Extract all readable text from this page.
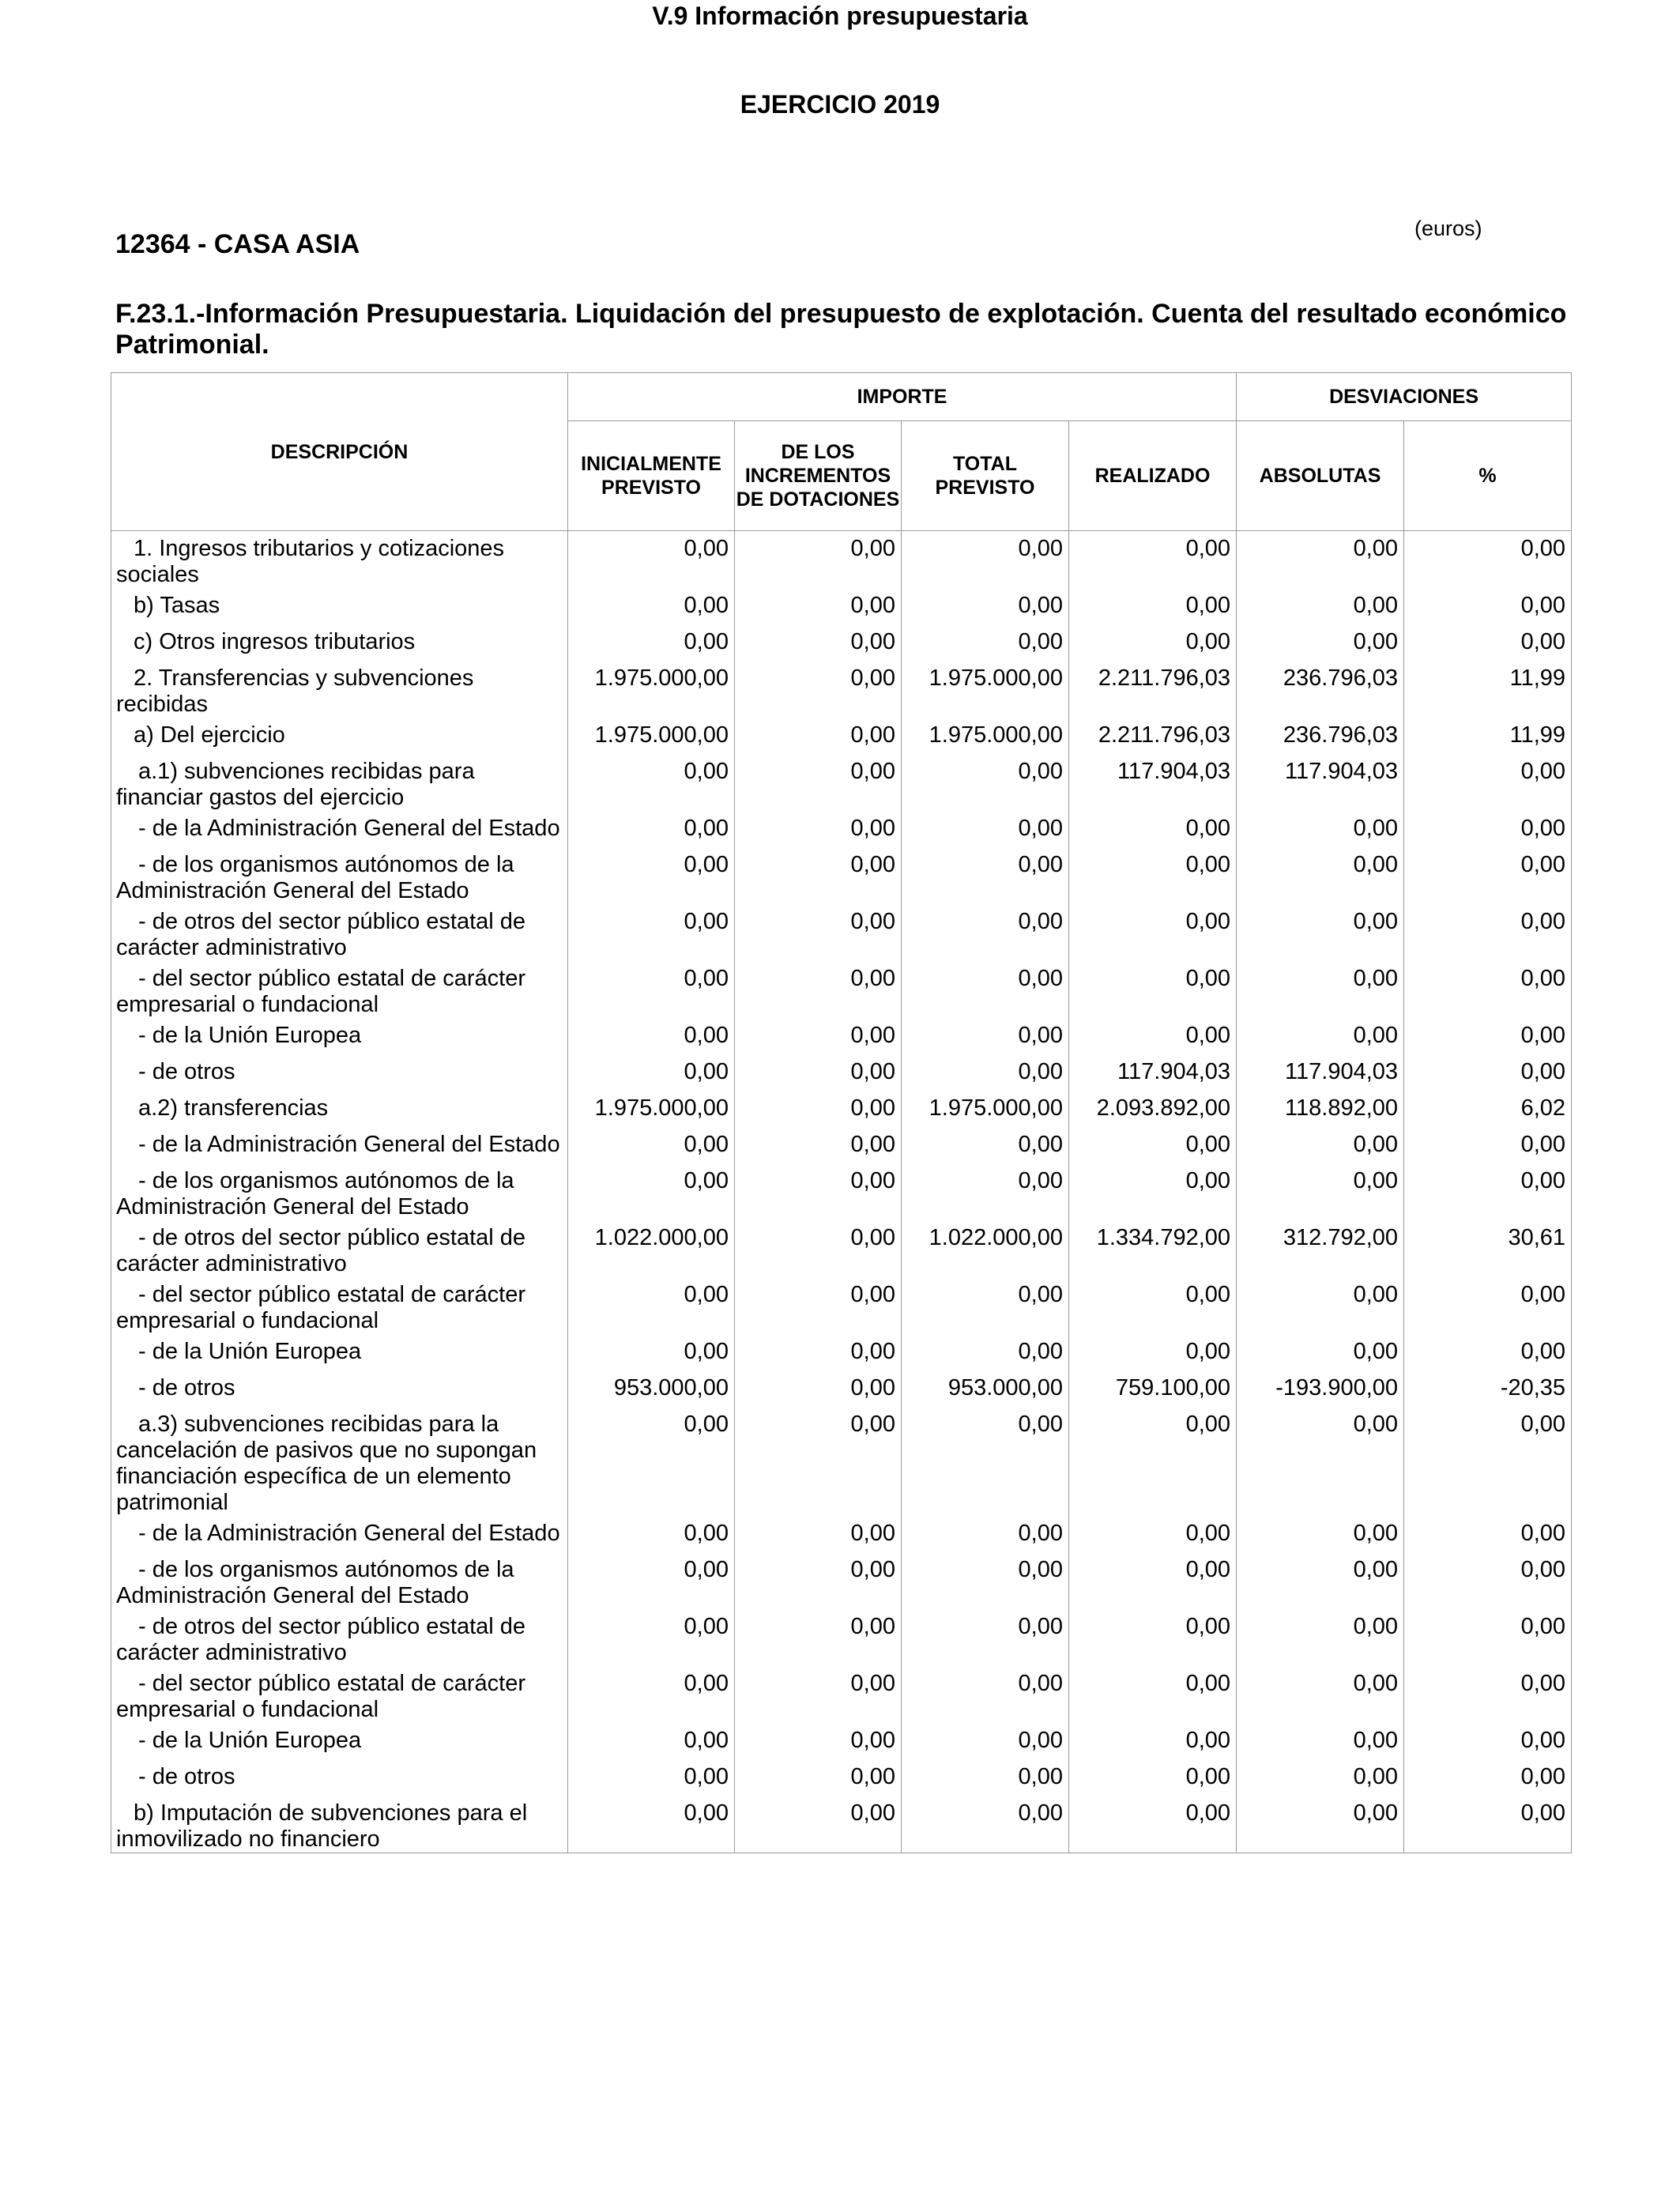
V.9 Información presupuestaria
EJERCICIO 2019
12364 - CASA ASIA
(euros)
F.23.1.-Información Presupuestaria. Liquidación del presupuesto de explotación. Cuenta del resultado económico Patrimonial.
DESCRIPCIÓN	IMPORTE				DESVIACIONES	
	INICIALMENTE PREVISTO	DE LOS INCREMENTOS DE DOTACIONES	TOTAL PREVISTO	REALIZADO	ABSOLUTAS	%
1. Ingresos tributarios y cotizaciones sociales	0,00	0,00	0,00	0,00	0,00	0,00
b) Tasas	0,00	0,00	0,00	0,00	0,00	0,00
c) Otros ingresos tributarios	0,00	0,00	0,00	0,00	0,00	0,00
2. Transferencias y subvenciones recibidas	1.975.000,00	0,00	1.975.000,00	2.211.796,03	236.796,03	11,99
a) Del ejercicio	1.975.000,00	0,00	1.975.000,00	2.211.796,03	236.796,03	11,99
a.1) subvenciones recibidas para financiar gastos del ejercicio	0,00	0,00	0,00	117.904,03	117.904,03	0,00
- de la Administración General del Estado	0,00	0,00	0,00	0,00	0,00	0,00
- de los organismos autónomos de la Administración General del Estado	0,00	0,00	0,00	0,00	0,00	0,00
- de otros del sector público estatal de carácter administrativo	0,00	0,00	0,00	0,00	0,00	0,00
- del sector público estatal de carácter empresarial o fundacional	0,00	0,00	0,00	0,00	0,00	0,00
- de la Unión Europea	0,00	0,00	0,00	0,00	0,00	0,00
- de otros	0,00	0,00	0,00	117.904,03	117.904,03	0,00
a.2) transferencias	1.975.000,00	0,00	1.975.000,00	2.093.892,00	118.892,00	6,02
- de la Administración General del Estado	0,00	0,00	0,00	0,00	0,00	0,00
- de los organismos autónomos de la Administración General del Estado	0,00	0,00	0,00	0,00	0,00	0,00
- de otros del sector público estatal de carácter administrativo	1.022.000,00	0,00	1.022.000,00	1.334.792,00	312.792,00	30,61
- del sector público estatal de carácter empresarial o fundacional	0,00	0,00	0,00	0,00	0,00	0,00
- de la Unión Europea	0,00	0,00	0,00	0,00	0,00	0,00
- de otros	953.000,00	0,00	953.000,00	759.100,00	-193.900,00	-20,35
a.3) subvenciones recibidas para la cancelación de pasivos que no supongan financiación específica de un elemento patrimonial	0,00	0,00	0,00	0,00	0,00	0,00
- de la Administración General del Estado	0,00	0,00	0,00	0,00	0,00	0,00
- de los organismos autónomos de la Administración General del Estado	0,00	0,00	0,00	0,00	0,00	0,00
- de otros del sector público estatal de carácter administrativo	0,00	0,00	0,00	0,00	0,00	0,00
- del sector público estatal de carácter empresarial o fundacional	0,00	0,00	0,00	0,00	0,00	0,00
- de la Unión Europea	0,00	0,00	0,00	0,00	0,00	0,00
- de otros	0,00	0,00	0,00	0,00	0,00	0,00
b) Imputación de subvenciones para el inmovilizado no financiero	0,00	0,00	0,00	0,00	0,00	0,00
